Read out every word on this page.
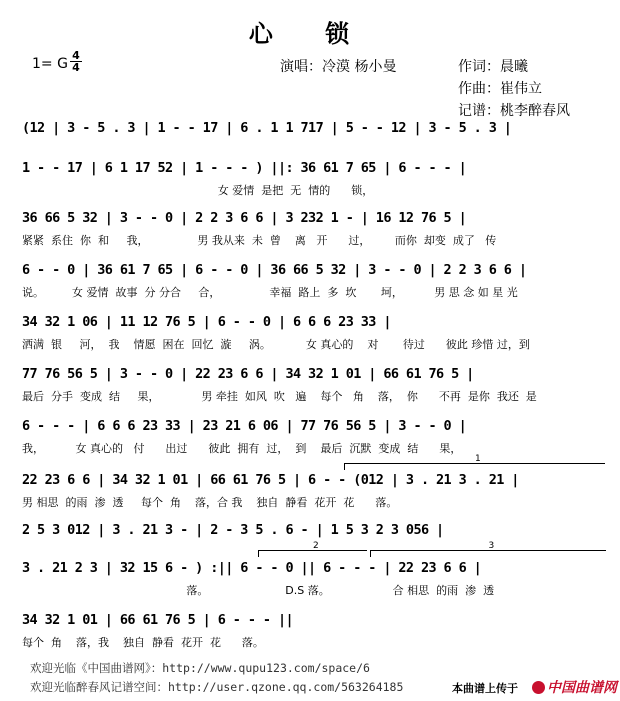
心 锁
1= G
4
4	演唱：冷漠 杨小曼	作词：晨曦
作曲：崔伟立
记谱：桃李醉春风
(12 | 3 - 5 . 3 | 1 - - 17 | 6 . 1 1 717 | 5 - - 12 | 3 - 5 . 3 |
1 - - 17 | 6 1 17 52 | 1 - - - ) ||: 36 61 7 65 | 6 - - - |
女 爱情  是把  无  情的      锁，
36 66 5 32 | 3 - - 0 | 2 2 3 6 6 | 3 232 1 - | 16 12 76 5 |
紧紧  系住  你  和     我，              男 我从来  未  曾    离   开      过，       而你  却变  成了   传
6 - - 0 | 36 61 7 65 | 6 - - 0 | 36 66 5 32 | 3 - - 0 | 2 2 3 6 6 |
说。        女 爱情  故事  分 分合     合，              幸福  路上  多  坎       坷，         男 思 念 如 星 光
34 32 1 06 | 11 12 76 5 | 6 - - 0 | 6 6 6 23 33 |
洒满  银     河，  我    情愿  困在  回忆  漩     涡。          女 真心的    对       待过      彼此 珍惜 过，到
77 76 56 5 | 3 - - 0 | 22 23 6 6 | 34 32 1 01 | 66 61 76 5 |
最后  分手  变成  结     果，            男 牵挂  如风  吹   遍    每个   角    落，  你      不再  是你  我还  是
6 - - - | 6 6 6 23 33 | 23 21 6 06 | 77 76 56 5 | 3 - - 0 |
我，         女 真心的   付      出过      彼此  拥有  过，  到    最后  沉默  变成  结      果，
1
22 23 6 6 | 34 32 1 01 | 66 61 76 5 | 6 - - (012 | 3 . 21 3 . 21 |
男 相思  的雨  渗  透     每个  角    落，合 我    独自  静看  花开  花      落。
2 5 3 012 | 3 . 21 3 - | 2 - 3 5 . 6 - | 1 5 3 2 3 056 |
2	3
3 . 21 2 3 | 32 15 6 - ) :|| 6 - - 0 || 6 - - - | 22 23 6 6 |
落。                      D.S 落。                  合 相思  的雨  渗  透
34 32 1 01 | 66 61 76 5 | 6 - - - ||
每个  角    落，我    独自  静看  花开  花      落。
欢迎光临《中国曲谱网》：http://www.qupu123.com/space/6
欢迎光临醉春风记谱空间：http://user.qzone.qq.com/563264185	本曲谱上传于	中国曲谱网
